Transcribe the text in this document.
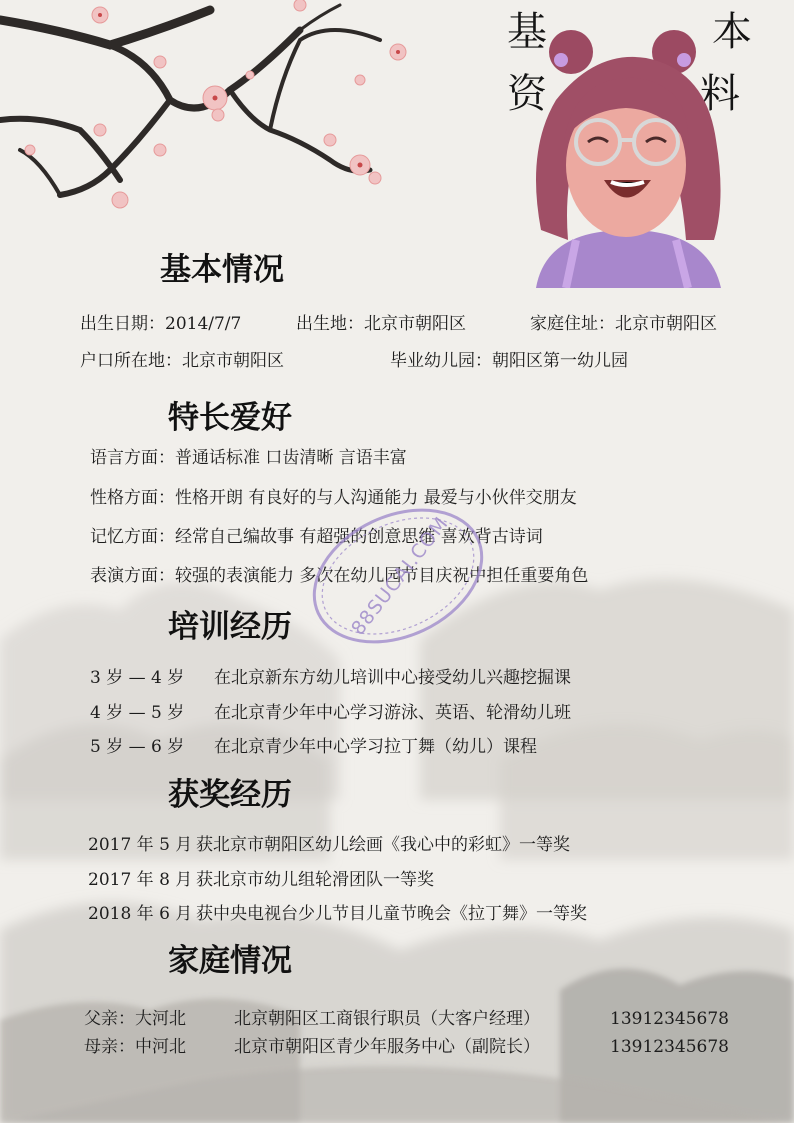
基	本
资	料
基本情况
出生日期：2014/7/7	出生地：北京市朝阳区	家庭住址：北京市朝阳区
户口所在地：北京市朝阳区	毕业幼儿园：朝阳区第一幼儿园
特长爱好
语言方面：普通话标准 口齿清晰 言语丰富
性格方面：性格开朗 有良好的与人沟通能力 最爱与小伙伴交朋友
记忆方面：经常自己编故事 有超强的创意思维 喜欢背古诗词
表演方面：较强的表演能力 多次在幼儿园节目庆祝中担任重要角色
88SUCAI.COM
培训经历
3 岁 — 4 岁 在北京新东方幼儿培训中心接受幼儿兴趣挖掘课
4 岁 — 5 岁 在北京青少年中心学习游泳、英语、轮滑幼儿班
5 岁 — 6 岁 在北京青少年中心学习拉丁舞（幼儿）课程
获奖经历
2017 年 5 月 获北京市朝阳区幼儿绘画《我心中的彩虹》一等奖
2017 年 8 月 获北京市幼儿组轮滑团队一等奖
2018 年 6 月 获中央电视台少儿节目儿童节晚会《拉丁舞》一等奖
家庭情况
父亲：大河北	北京朝阳区工商银行职员（大客户经理）	13912345678
母亲：中河北	北京市朝阳区青少年服务中心（副院长）	13912345678
